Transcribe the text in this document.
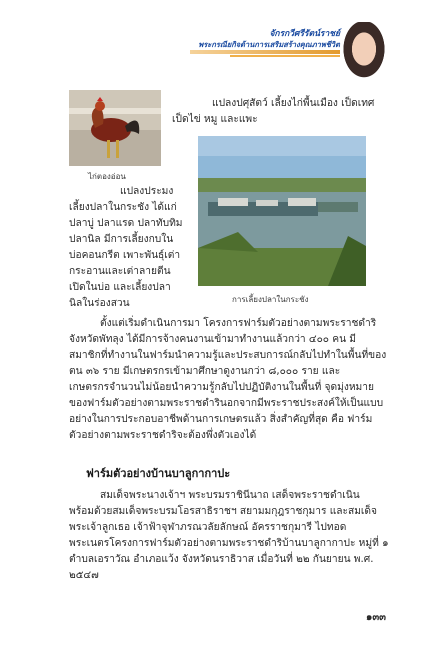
จักรกวีศรีรัตน์ราชย์
พระกรณียกิจด้านการเสริมสร้างคุณภาพชีวิต
ไก่ตองอ่อน
การเลี้ยงปลาในกระชัง
แปลงปศุสัตว์ เลี้ยงไก่พื้นเมือง เป็ดเทศ
เป็ดไข่ หมู และแพะ
แปลงประมง
เลี้ยงปลาในกระชัง ได้แก่
ปลาบู่ ปลาแรด ปลาทับทิม
ปลานิล มีการเลี้ยงกบใน
บ่อคอนกรีต เพาะพันธุ์เต่า
กระอานและเต่าลายตีน
เปิดในบ่อ และเลี้ยงปลา
นิลในร่องสวน
ตั้งแต่เริ่มดำเนินการมา โครงการฟาร์มตัวอย่างตามพระราชดำริ
จังหวัดพัทลุง ได้มีการจ้างคนงานเข้ามาทำงานแล้วกว่า ๔๐๐ คน มี
สมาชิกที่ทำงานในฟาร์มนำความรู้และประสบการณ์กลับไปทำในพื้นที่ของ
ตน ๓๖ ราย มีเกษตรกรเข้ามาศึกษาดูงานกว่า ๘,๐๐๐ ราย และ
เกษตรกรจำนวนไม่น้อยนำความรู้กลับไปปฏิบัติงานในพื้นที่ จุดมุ่งหมาย
ของฟาร์มตัวอย่างตามพระราชดำรินอกจากมีพระราชประสงค์ให้เป็นแบบ
อย่างในการประกอบอาชีพด้านการเกษตรแล้ว สิ่งสำคัญที่สุด คือ ฟาร์ม
ตัวอย่างตามพระราชดำริจะต้องพึ่งตัวเองได้
ฟาร์มตัวอย่างบ้านบาลูกากาปะ
สมเด็จพระนางเจ้าฯ พระบรมราชินีนาถ เสด็จพระราชดำเนิน
พร้อมด้วยสมเด็จพระบรมโอรสาธิราชฯ สยามมกุฎราชกุมาร และสมเด็จ
พระเจ้าลูกเธอ เจ้าฟ้าจุฬาภรณวลัยลักษณ์ อัครราชกุมารี ไปทอด
พระเนตรโครงการฟาร์มตัวอย่างตามพระราชดำริบ้านบาลูกากาปะ หมู่ที่ ๑
ตำบลเอราวัณ อำเภอแว้ง จังหวัดนราธิวาส เมื่อวันที่ ๒๒ กันยายน พ.ศ.
๒๕๔๗
๑๓๓
